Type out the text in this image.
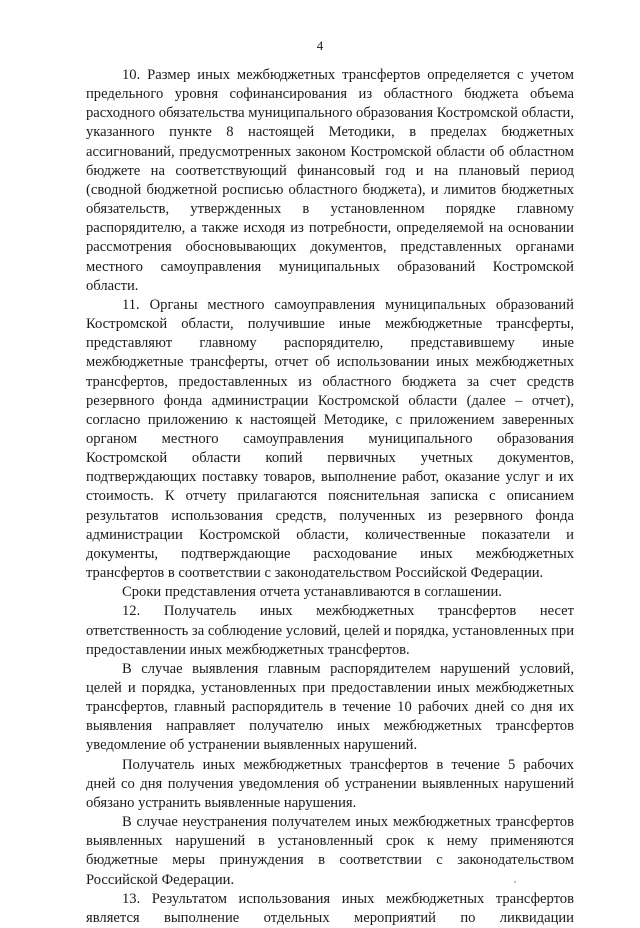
4

10. Размер иных межбюджетных трансфертов определяется с учетом предельного уровня софинансирования из областного бюджета объема расходного обязательства муниципального образования Костромской области, указанного пункте 8 настоящей Методики, в пределах бюджетных ассигнований, предусмотренных законом Костромской области об областном бюджете на соответствующий финансовый год и на плановый период (сводной бюджетной росписью областного бюджета), и лимитов бюджетных обязательств, утвержденных в установленном порядке главному распорядителю, а также исходя из потребности, определяемой на основании рассмотрения обосновывающих документов, представленных органами местного самоуправления муниципальных образований Костромской области.

11. Органы местного самоуправления муниципальных образований Костромской области, получившие иные межбюджетные трансферты, представляют главному распорядителю, представившему иные межбюджетные трансферты, отчет об использовании иных межбюджетных трансфертов, предоставленных из областного бюджета за счет средств резервного фонда администрации Костромской области (далее – отчет), согласно приложению к настоящей Методике, с приложением заверенных органом местного самоуправления муниципального образования Костромской области копий первичных учетных документов, подтверждающих поставку товаров, выполнение работ, оказание услуг и их стоимость. К отчету прилагаются пояснительная записка с описанием результатов использования средств, полученных из резервного фонда администрации Костромской области, количественные показатели и документы, подтверждающие расходование иных межбюджетных трансфертов в соответствии с законодательством Российской Федерации.

Сроки представления отчета устанавливаются в соглашении.

12. Получатель иных межбюджетных трансфертов несет ответственность за соблюдение условий, целей и порядка, установленных при предоставлении иных межбюджетных трансфертов.

В случае выявления главным распорядителем нарушений условий, целей и порядка, установленных при предоставлении иных межбюджетных трансфертов, главный распорядитель в течение 10 рабочих дней со дня их выявления направляет получателю иных межбюджетных трансфертов уведомление об устранении выявленных нарушений.

Получатель иных межбюджетных трансфертов в течение 5 рабочих дней со дня получения уведомления об устранении выявленных нарушений обязано устранить выявленные нарушения.

В случае неустранения получателем иных межбюджетных трансфертов выявленных нарушений в установленный срок к нему применяются бюджетные меры принуждения в соответствии с законодательством Российской Федерации.

13. Результатом использования иных межбюджетных трансфертов является выполнение отдельных мероприятий по ликвидации
